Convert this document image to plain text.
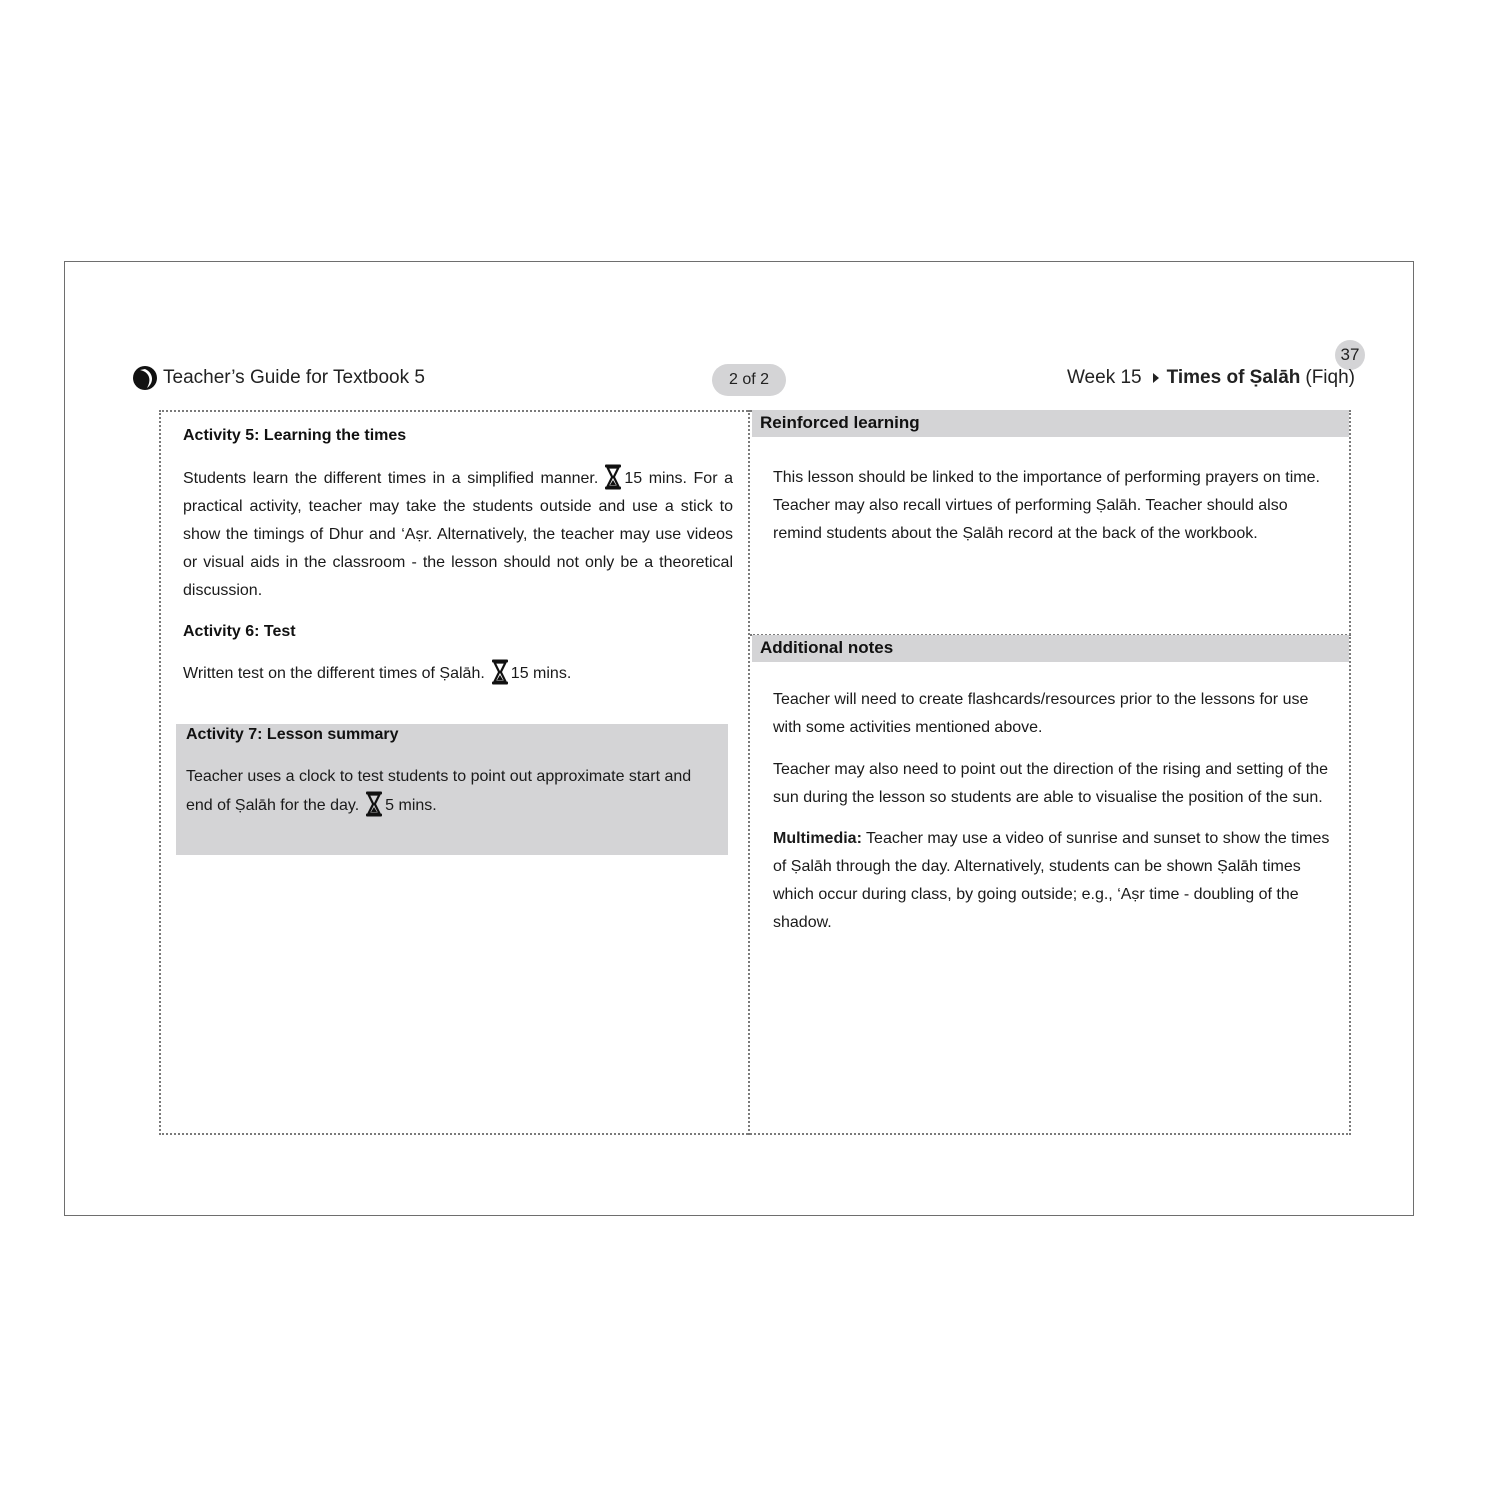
37
Teacher’s Guide for Textbook 5	2 of 2	Week 15 Times of Ṣalāh (Fiqh)
Activity 5: Learning the times

Students learn the different times in a simplified manner. 15 mins. For a practical activity, teacher may take the students outside and use a stick to show the timings of Dhur and ‘Aṣr. Alternatively, the teacher may use videos or visual aids in the classroom - the lesson should not only be a theoretical discussion.

Activity 6: Test

Written test on the different times of Ṣalāh. 15 mins.

Activity 7: Lesson summary

Teacher uses a clock to test students to point out approximate start and end of Ṣalāh for the day. 5 mins.

Reinforced learning

This lesson should be linked to the importance of performing prayers on time. Teacher may also recall virtues of performing Ṣalāh. Teacher should also remind students about the Ṣalāh record at the back of the workbook.

Additional notes

Teacher will need to create flashcards/resources prior to the lessons for use with some activities mentioned above.

Teacher may also need to point out the direction of the rising and setting of the sun during the lesson so students are able to visualise the position of the sun.

Multimedia: Teacher may use a video of sunrise and sunset to show the times of Ṣalāh through the day. Alternatively, students can be shown Ṣalāh times which occur during class, by going outside; e.g., ‘Aṣr time - doubling of the shadow.
